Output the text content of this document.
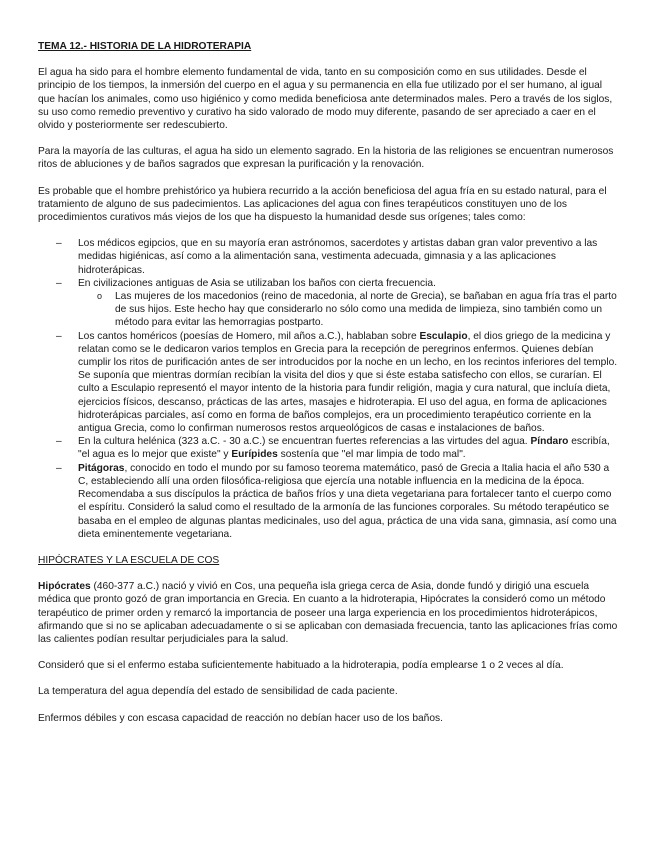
TEMA 12.- HISTORIA DE LA HIDROTERAPIA

El agua ha sido para el hombre elemento fundamental de vida, tanto en su composición como en sus utilidades. Desde el principio de los tiempos, la inmersión del cuerpo en el agua y su permanencia en ella fue utilizado por el ser humano, al igual que hacían los animales, como uso higiénico y como medida beneficiosa ante determinados males. Pero a través de los siglos, su uso como remedio preventivo y curativo ha sido valorado de modo muy diferente, pasando de ser apreciado a caer en el olvido y posteriormente ser redescubierto.

Para la mayoría de las culturas, el agua ha sido un elemento sagrado. En la historia de las religiones se encuentran numerosos ritos de abluciones y de baños sagrados que expresan la purificación y la renovación.

Es probable que el hombre prehistórico ya hubiera recurrido a la acción beneficiosa del agua fría en su estado natural, para el tratamiento de alguno de sus padecimientos. Las aplicaciones del agua con fines terapéuticos constituyen uno de los procedimientos curativos más viejos de los que ha dispuesto la humanidad desde sus orígenes; tales como:

– Los médicos egipcios, que en su mayoría eran astrónomos, sacerdotes y artistas daban gran valor preventivo a las medidas higiénicas, así como a la alimentación sana, vestimenta adecuada, gimnasia y a las aplicaciones hidroterápicas.
– En civilizaciones antiguas de Asia se utilizaban los baños con cierta frecuencia.
o Las mujeres de los macedonios (reino de macedonia, al norte de Grecia), se bañaban en agua fría tras el parto de sus hijos. Este hecho hay que considerarlo no sólo como una medida de limpieza, sino también como un método para evitar las hemorragias postparto.
– Los cantos homéricos (poesías de Homero, mil años a.C.), hablaban sobre Esculapio, el dios griego de la medicina y relatan como se le dedicaron varios templos en Grecia para la recepción de peregrinos enfermos. Quienes debían cumplir los ritos de purificación antes de ser introducidos por la noche en un lecho, en los recintos inferiores del templo. Se suponía que mientras dormían recibían la visita del dios y que si éste estaba satisfecho con ellos, se curarían. El culto a Esculapio representó el mayor intento de la historia para fundir religión, magia y cura natural, que incluía dieta, ejercicios físicos, descanso, prácticas de las artes, masajes e hidroterapia. El uso del agua, en forma de aplicaciones hidroterápicas parciales, así como en forma de baños complejos, era un procedimiento terapéutico corriente en la antigua Grecia, como lo confirman numerosos restos arqueológicos de casas e instalaciones de baños.
– En la cultura helénica (323 a.C. - 30 a.C.) se encuentran fuertes referencias a las virtudes del agua. Píndaro escribía, "el agua es lo mejor que existe" y Eurípides sostenía que "el mar limpia de todo mal".
– Pitágoras, conocido en todo el mundo por su famoso teorema matemático, pasó de Grecia a Italia hacia el año 530 a C, estableciendo allí una orden filosófica-religiosa que ejercía una notable influencia en la medicina de la época. Recomendaba a sus discípulos la práctica de baños fríos y una dieta vegetariana para fortalecer tanto el cuerpo como el espíritu. Consideró la salud como el resultado de la armonía de las funciones corporales. Su método terapéutico se basaba en el empleo de algunas plantas medicinales, uso del agua, práctica de una vida sana, gimnasia, así como una dieta eminentemente vegetariana.
HIPÓCRATES Y LA ESCUELA DE COS

Hipócrates (460-377 a.C.) nació y vivió en Cos, una pequeña isla griega cerca de Asia, donde fundó y dirigió una escuela médica que pronto gozó de gran importancia en Grecia. En cuanto a la hidroterapia, Hipócrates la consideró como un método terapéutico de primer orden y remarcó la importancia de poseer una larga experiencia en los procedimientos hidroterápicos, afirmando que si no se aplicaban adecuadamente o si se aplicaban con demasiada frecuencia, tanto las aplicaciones frías como las calientes podían resultar perjudiciales para la salud.

Consideró que si el enfermo estaba suficientemente habituado a la hidroterapia, podía emplearse 1 o 2 veces al día.

La temperatura del agua dependía del estado de sensibilidad de cada paciente.

Enfermos débiles y con escasa capacidad de reacción no debían hacer uso de los baños.
